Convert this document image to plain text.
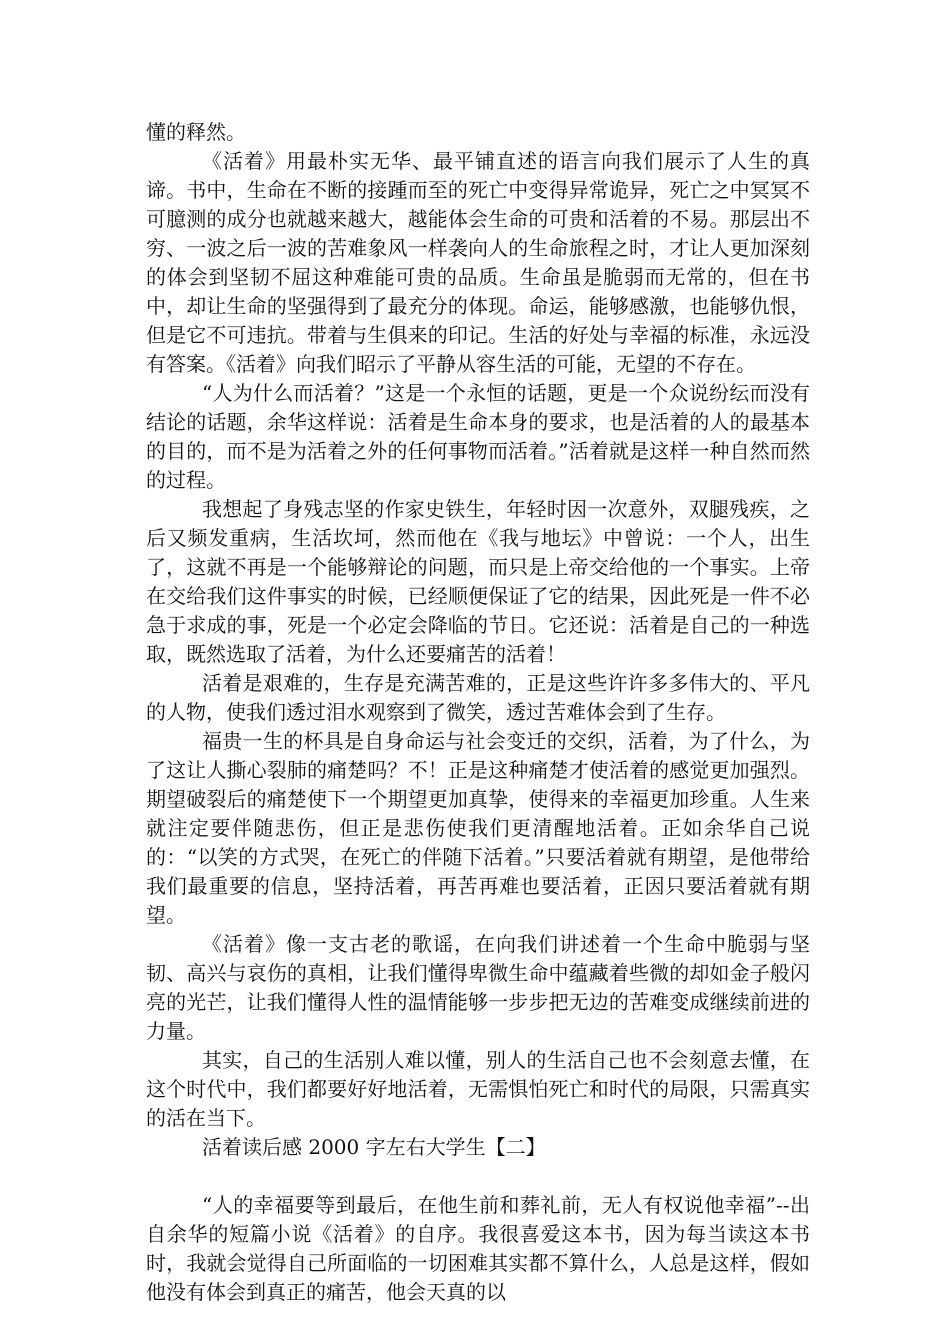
懂的释然。

《活着》用最朴实无华、最平铺直述的语言向我们展示了人生的真谛。书中，生命在不断的接踵而至的死亡中变得异常诡异，死亡之中冥冥不可臆测的成分也就越来越大，越能体会生命的可贵和活着的不易。那层出不穷、一波之后一波的苦难象风一样袭向人的生命旅程之时，才让人更加深刻的体会到坚韧不屈这种难能可贵的品质。生命虽是脆弱而无常的，但在书中，却让生命的坚强得到了最充分的体现。命运，能够感激，也能够仇恨，但是它不可违抗。带着与生俱来的印记。生活的好处与幸福的标准，永远没有答案。《活着》向我们昭示了平静从容生活的可能，无望的不存在。

“人为什么而活着？”这是一个永恒的话题，更是一个众说纷纭而没有结论的话题，余华这样说：活着是生命本身的要求，也是活着的人的最基本的目的，而不是为活着之外的任何事物而活着。”活着就是这样一种自然而然的过程。

我想起了身残志坚的作家史铁生，年轻时因一次意外，双腿残疾，之后又频发重病，生活坎坷，然而他在《我与地坛》中曾说：一个人，出生了，这就不再是一个能够辩论的问题，而只是上帝交给他的一个事实。上帝在交给我们这件事实的时候，已经顺便保证了它的结果，因此死是一件不必急于求成的事，死是一个必定会降临的节日。它还说：活着是自己的一种选取，既然选取了活着，为什么还要痛苦的活着！

活着是艰难的，生存是充满苦难的，正是这些许许多多伟大的、平凡的人物，使我们透过泪水观察到了微笑，透过苦难体会到了生存。

福贵一生的杯具是自身命运与社会变迁的交织，活着，为了什么，为了这让人撕心裂肺的痛楚吗？不！正是这种痛楚才使活着的感觉更加强烈。期望破裂后的痛楚使下一个期望更加真挚，使得来的幸福更加珍重。人生来就注定要伴随悲伤，但正是悲伤使我们更清醒地活着。正如余华自己说的：“以笑的方式哭，在死亡的伴随下活着。”只要活着就有期望，是他带给我们最重要的信息，坚持活着，再苦再难也要活着，正因只要活着就有期望。

《活着》像一支古老的歌谣，在向我们讲述着一个生命中脆弱与坚韧、高兴与哀伤的真相，让我们懂得卑微生命中蕴藏着些微的却如金子般闪亮的光芒，让我们懂得人性的温情能够一步步把无边的苦难变成继续前进的力量。

其实，自己的生活别人难以懂，别人的生活自己也不会刻意去懂，在这个时代中，我们都要好好地活着，无需惧怕死亡和时代的局限，只需真实的活在当下。

活着读后感 2000 字左右大学生【二】

“人的幸福要等到最后，在他生前和葬礼前，无人有权说他幸福”--出自余华的短篇小说《活着》的自序。我很喜爱这本书，因为每当读这本书时，我就会觉得自己所面临的一切困难其实都不算什么，人总是这样，假如他没有体会到真正的痛苦，他会天真的以
